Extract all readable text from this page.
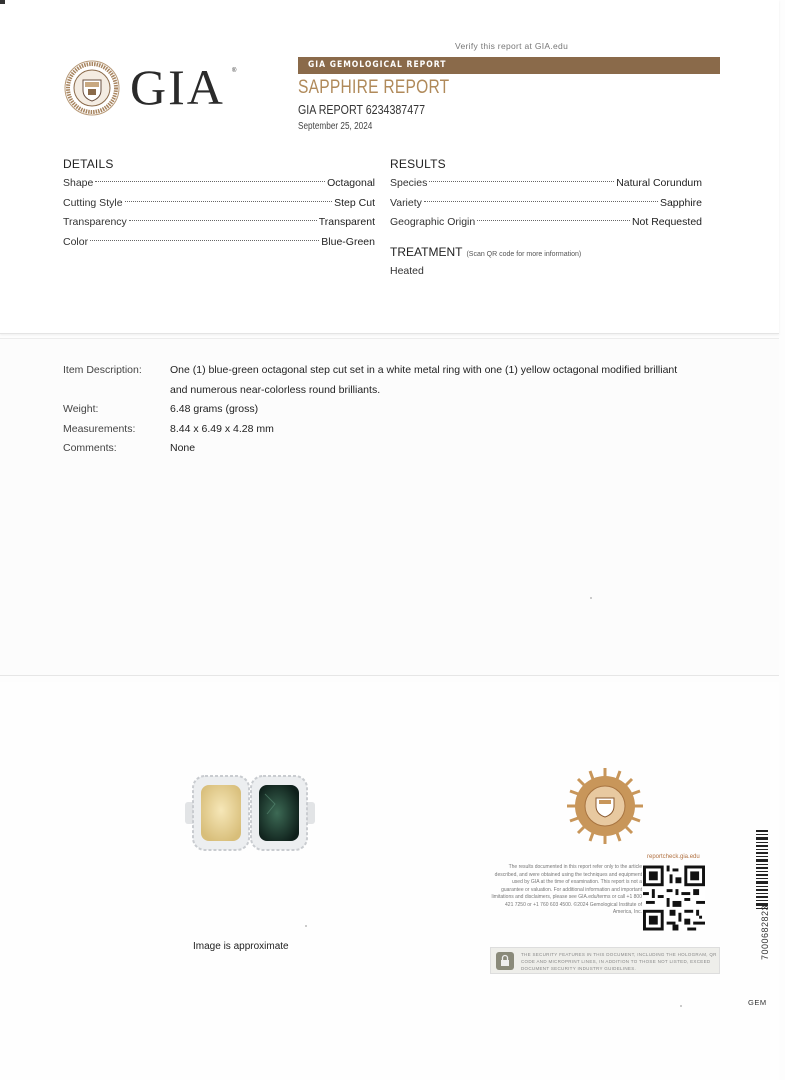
Verify this report at GIA.edu
GIA ®
GIA GEMOLOGICAL REPORT
SAPPHIRE REPORT
GIA REPORT 6234387477
September 25, 2024
DETAILS
Shape	Octagonal
Cutting Style	Step Cut
Transparency	Transparent
Color	Blue-Green
RESULTS
Species	Natural Corundum
Variety	Sapphire
Geographic Origin	Not Requested
TREATMENT (Scan QR code for more information)
Heated
Item Description:	One (1) blue-green octagonal step cut set in a white metal ring with one (1) yellow octagonal modified brilliant and numerous near-colorless round brilliants.
Weight:	6.48 grams (gross)
Measurements:	8.44 x 6.49 x 4.28 mm
Comments:	None
Image is approximate
reportcheck.gia.edu
The results documented in this report refer only to the article described, and were obtained using the techniques and equipment used by GIA at the time of examination. This report is not a guarantee or valuation. For additional information and important limitations and disclaimers, please see GIA.edu/terms or call +1 800 421 7250 or +1 760 603 4500. ©2024 Gemological Institute of America, Inc.
THE SECURITY FEATURES IN THIS DOCUMENT, INCLUDING THE HOLOGRAM, QR CODE AND MICROPRINT LINES, IN ADDITION TO THOSE NOT LISTED, EXCEED DOCUMENT SECURITY INDUSTRY GUIDELINES.
7000682823
GEM
